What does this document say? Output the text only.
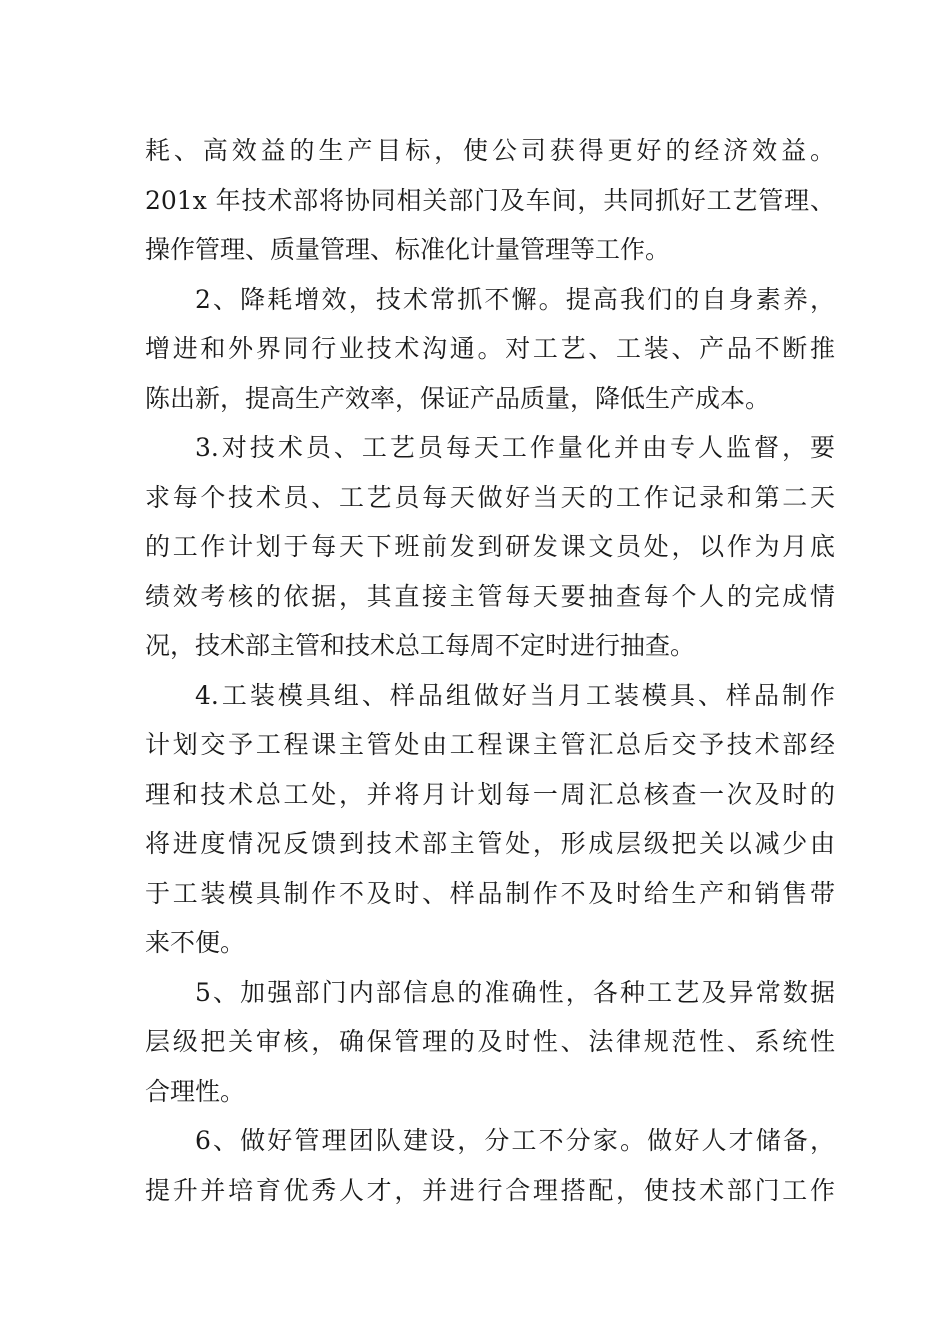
耗、高效益的生产目标，使公司获得更好的经济效益。
201x 年技术部将协同相关部门及车间，共同抓好工艺管理、
操作管理、质量管理、标准化计量管理等工作。
2、降耗增效，技术常抓不懈。提高我们的自身素养，
增进和外界同行业技术沟通。对工艺、工装、产品不断推
陈出新，提高生产效率，保证产品质量，降低生产成本。
3.对技术员、工艺员每天工作量化并由专人监督，要
求每个技术员、工艺员每天做好当天的工作记录和第二天
的工作计划于每天下班前发到研发课文员处，以作为月底
绩效考核的依据，其直接主管每天要抽查每个人的完成情
况，技术部主管和技术总工每周不定时进行抽查。
4.工装模具组、样品组做好当月工装模具、样品制作
计划交予工程课主管处由工程课主管汇总后交予技术部经
理和技术总工处，并将月计划每一周汇总核查一次及时的
将进度情况反馈到技术部主管处，形成层级把关以减少由
于工装模具制作不及时、样品制作不及时给生产和销售带
来不便。
5、加强部门内部信息的准确性，各种工艺及异常数据
层级把关审核，确保管理的及时性、法律规范性、系统性
合理性。
6、做好管理团队建设，分工不分家。做好人才储备，
提升并培育优秀人才，并进行合理搭配，使技术部门工作
